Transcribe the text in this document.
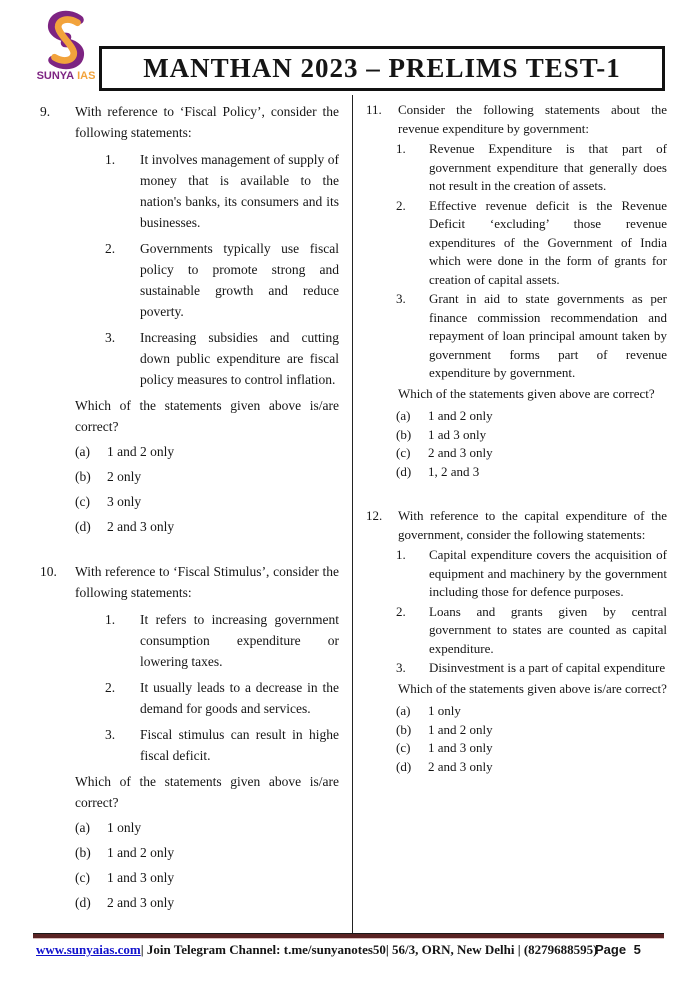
SUNYA IAS MANTHAN 2023 – PRELIMS TEST-1
9.	With reference to ‘Fiscal Policy’, consider the following statements:
1.	It involves management of supply of money that is available to the nation's banks, its consumers and its businesses.
2.	Governments typically use fiscal policy to promote strong and sustainable growth and reduce poverty.
3.	Increasing subsidies and cutting down public expenditure are fiscal policy measures to control inflation.
Which of the statements given above is/are correct?
(a)	1 and 2 only
(b)	2 only
(c)	3 only
(d)	2 and 3 only
10.	With reference to ‘Fiscal Stimulus’, consider the following statements:
1.	It refers to increasing government consumption expenditure or lowering taxes.
2.	It usually leads to a decrease in the demand for goods and services.
3.	Fiscal stimulus can result in highe fiscal deficit.
Which of the statements given above is/are correct?
(a)	1 only
(b)	1 and 2 only
(c)	1 and 3 only
(d)	2 and 3 only
11.	Consider the following statements about the revenue expenditure by government:
1.	Revenue Expenditure is that part of government expenditure that generally does not result in the creation of assets.
2.	Effective revenue deficit is the Revenue Deficit ‘excluding’ those revenue expenditures of the Government of India which were done in the form of grants for creation of capital assets.
3.	Grant in aid to state governments as per finance commission recommendation and repayment of loan principal amount taken by government forms part of revenue expenditure by government.
Which of the statements given above are correct?
(a)	1 and 2 only
(b)	1 ad 3 only
(c)	2 and 3 only
(d)	1, 2 and 3
12.	With reference to the capital expenditure of the government, consider the following statements:
1.	Capital expenditure covers the acquisition of equipment and machinery by the government including those for defence purposes.
2.	Loans and grants given by central government to states are counted as capital expenditure.
3.	Disinvestment is a part of capital expenditure
Which of the statements given above is/are correct?
(a)	1 only
(b)	1 and 2 only
(c)	1 and 3 only
(d)	2 and 3 only
www.sunyaias.com| Join Telegram Channel: t.me/sunyanotes50| 56/3, ORN, New Delhi | (8279688595)
Page 5
